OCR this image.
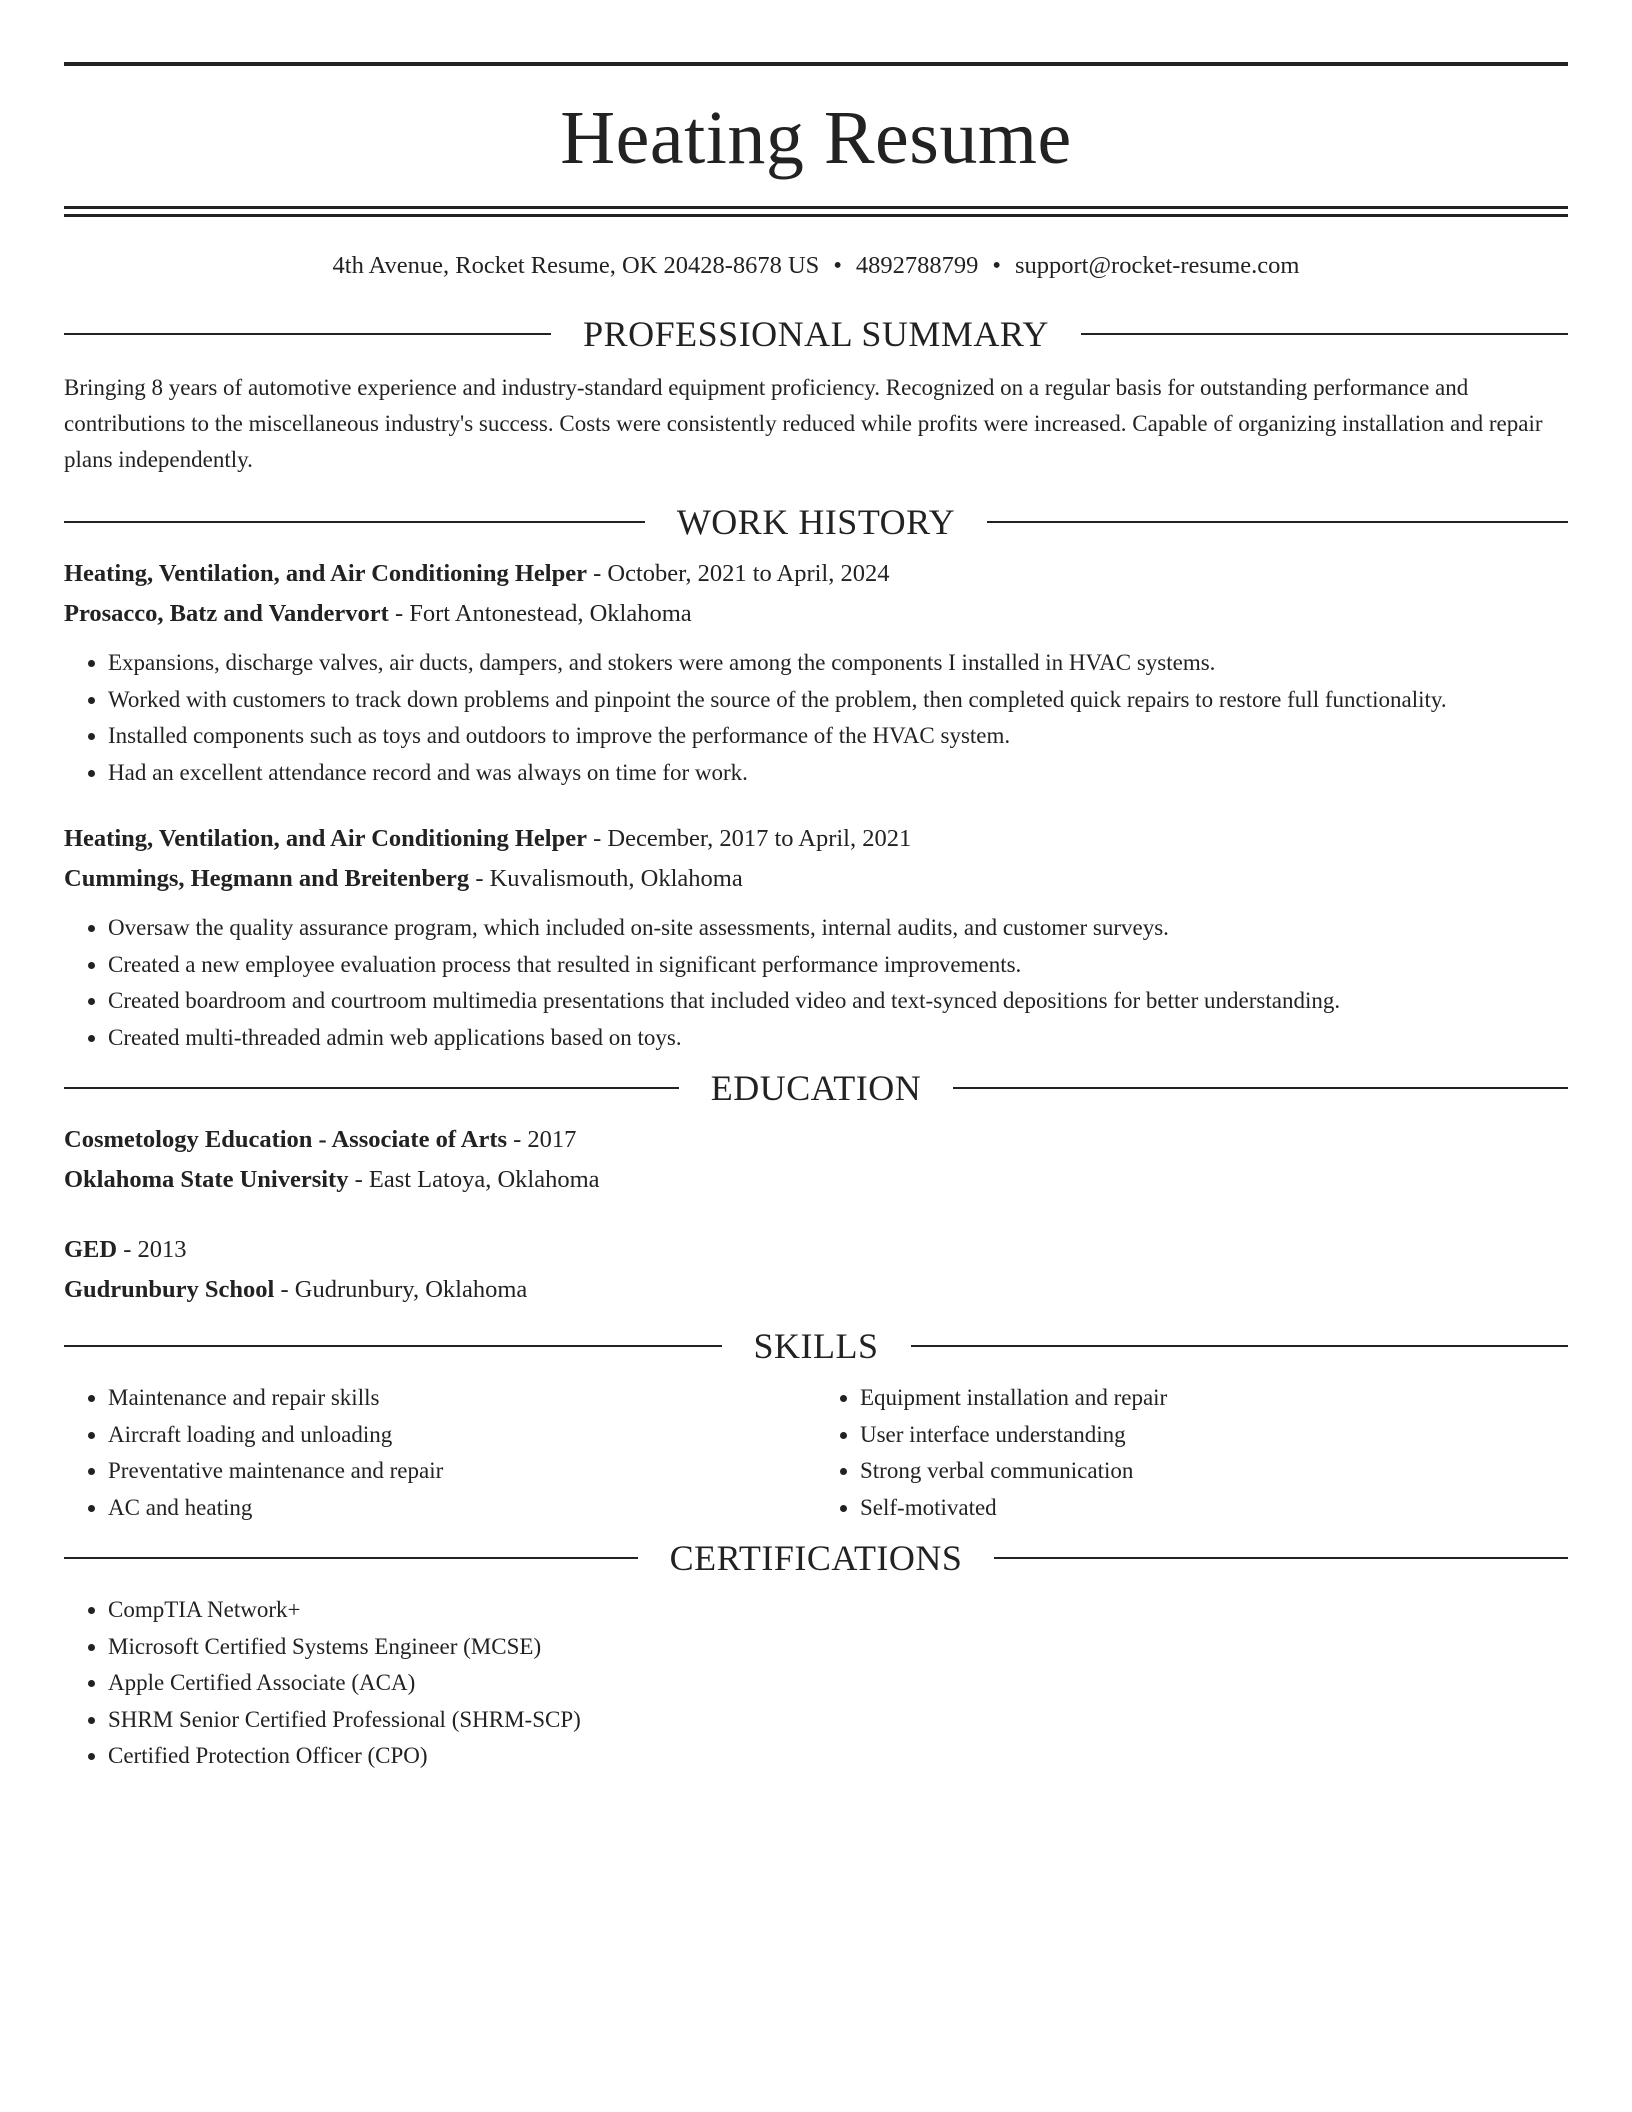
Heating Resume
4th Avenue, Rocket Resume, OK 20428-8678 US • 4892788799 • support@rocket-resume.com
PROFESSIONAL SUMMARY

Bringing 8 years of automotive experience and industry-standard equipment proficiency. Recognized on a regular basis for outstanding performance and contributions to the miscellaneous industry's success. Costs were consistently reduced while profits were increased. Capable of organizing installation and repair plans independently.

WORK HISTORY
Heating, Ventilation, and Air Conditioning Helper - October, 2021 to April, 2024
Prosacco, Batz and Vandervort - Fort Antonestead, Oklahoma
• Expansions, discharge valves, air ducts, dampers, and stokers were among the components I installed in HVAC systems.
• Worked with customers to track down problems and pinpoint the source of the problem, then completed quick repairs to restore full functionality.
• Installed components such as toys and outdoors to improve the performance of the HVAC system.
• Had an excellent attendance record and was always on time for work.
Heating, Ventilation, and Air Conditioning Helper - December, 2017 to April, 2021
Cummings, Hegmann and Breitenberg - Kuvalismouth, Oklahoma
• Oversaw the quality assurance program, which included on-site assessments, internal audits, and customer surveys.
• Created a new employee evaluation process that resulted in significant performance improvements.
• Created boardroom and courtroom multimedia presentations that included video and text-synced depositions for better understanding.
• Created multi-threaded admin web applications based on toys.
EDUCATION
Cosmetology Education - Associate of Arts - 2017
Oklahoma State University - East Latoya, Oklahoma
GED - 2013
Gudrunbury School - Gudrunbury, Oklahoma
SKILLS
• Maintenance and repair skills
• Aircraft loading and unloading
• Preventative maintenance and repair
• AC and heating
• Equipment installation and repair
• User interface understanding
• Strong verbal communication
• Self-motivated
CERTIFICATIONS
• CompTIA Network+
• Microsoft Certified Systems Engineer (MCSE)
• Apple Certified Associate (ACA)
• SHRM Senior Certified Professional (SHRM-SCP)
• Certified Protection Officer (CPO)
